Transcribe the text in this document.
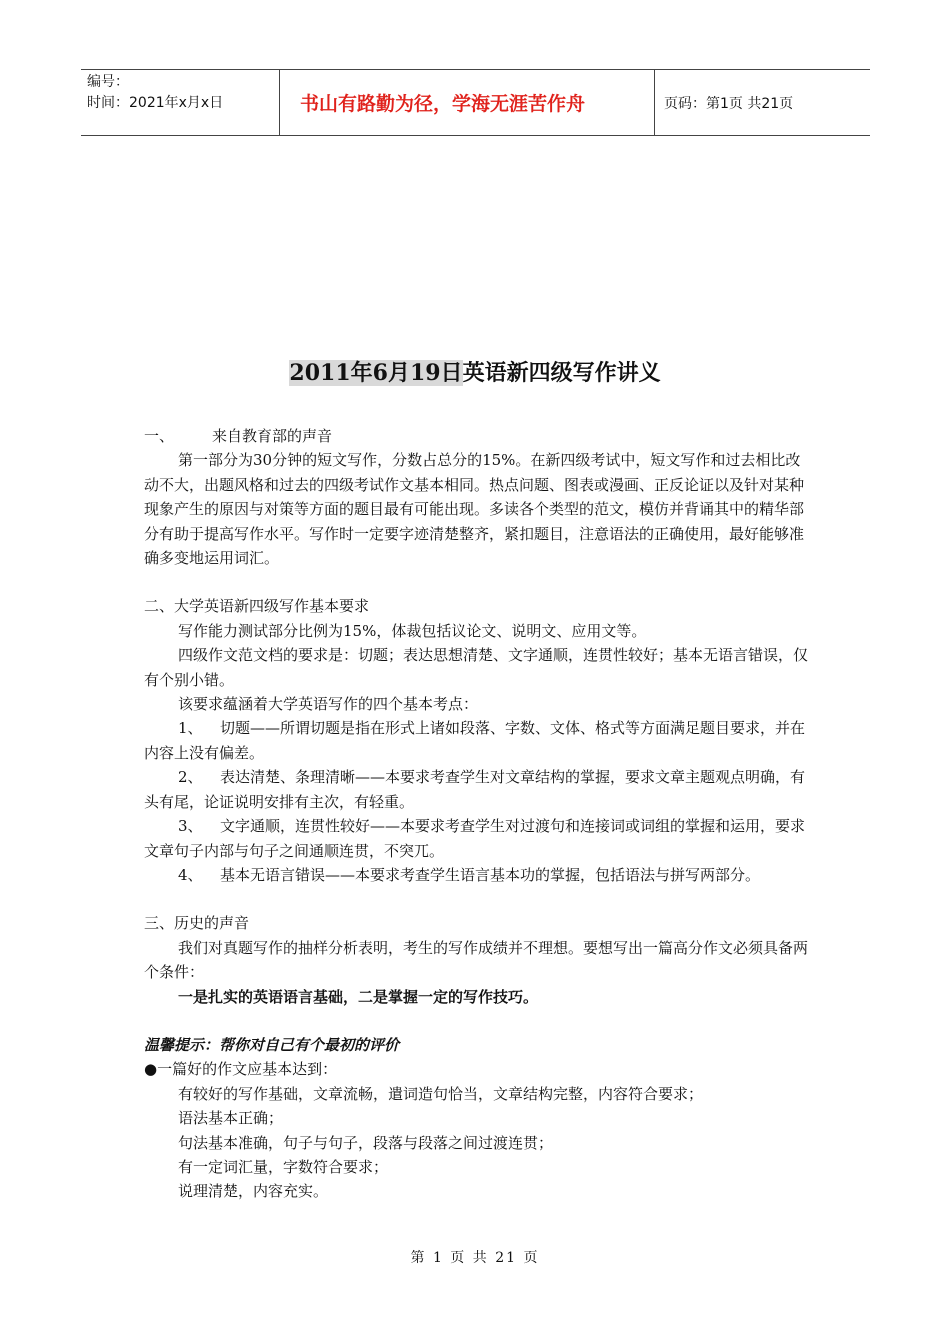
编号：
时间：2021年x月x日	书山有路勤为径，学海无涯苦作舟	页码：第1页 共21页
2011年6月19日英语新四级写作讲义

一、	来自教育部的声音

第一部分为30分钟的短文写作，分数占总分的15%。在新四级考试中，短文写作和过去相比改动不大，出题风格和过去的四级考试作文基本相同。热点问题、图表或漫画、正反论证以及针对某种现象产生的原因与对策等方面的题目最有可能出现。多读各个类型的范文，模仿并背诵其中的精华部分有助于提高写作水平。写作时一定要字迹清楚整齐，紧扣题目，注意语法的正确使用，最好能够准确多变地运用词汇。

二、大学英语新四级写作基本要求

写作能力测试部分比例为15%，体裁包括议论文、说明文、应用文等。

四级作文范文档的要求是：切题；表达思想清楚、文字通顺，连贯性较好；基本无语言错误，仅有个别小错。

该要求蕴涵着大学英语写作的四个基本考点：

1、 切题——所谓切题是指在形式上诸如段落、字数、文体、格式等方面满足题目要求，并在内容上没有偏差。

2、 表达清楚、条理清晰——本要求考查学生对文章结构的掌握，要求文章主题观点明确，有头有尾，论证说明安排有主次，有轻重。

3、 文字通顺，连贯性较好——本要求考查学生对过渡句和连接词或词组的掌握和运用，要求文章句子内部与句子之间通顺连贯，不突兀。

4、 基本无语言错误——本要求考查学生语言基本功的掌握，包括语法与拼写两部分。

三、历史的声音

我们对真题写作的抽样分析表明，考生的写作成绩并不理想。要想写出一篇高分作文必须具备两个条件：

一是扎实的英语语言基础，二是掌握一定的写作技巧。

温馨提示：帮你对自己有个最初的评价

●一篇好的作文应基本达到：

有较好的写作基础，文章流畅，遣词造句恰当，文章结构完整，内容符合要求；

语法基本正确；

句法基本准确，句子与句子，段落与段落之间过渡连贯；

有一定词汇量，字数符合要求；

说理清楚，内容充实。

第 1 页 共 21 页
